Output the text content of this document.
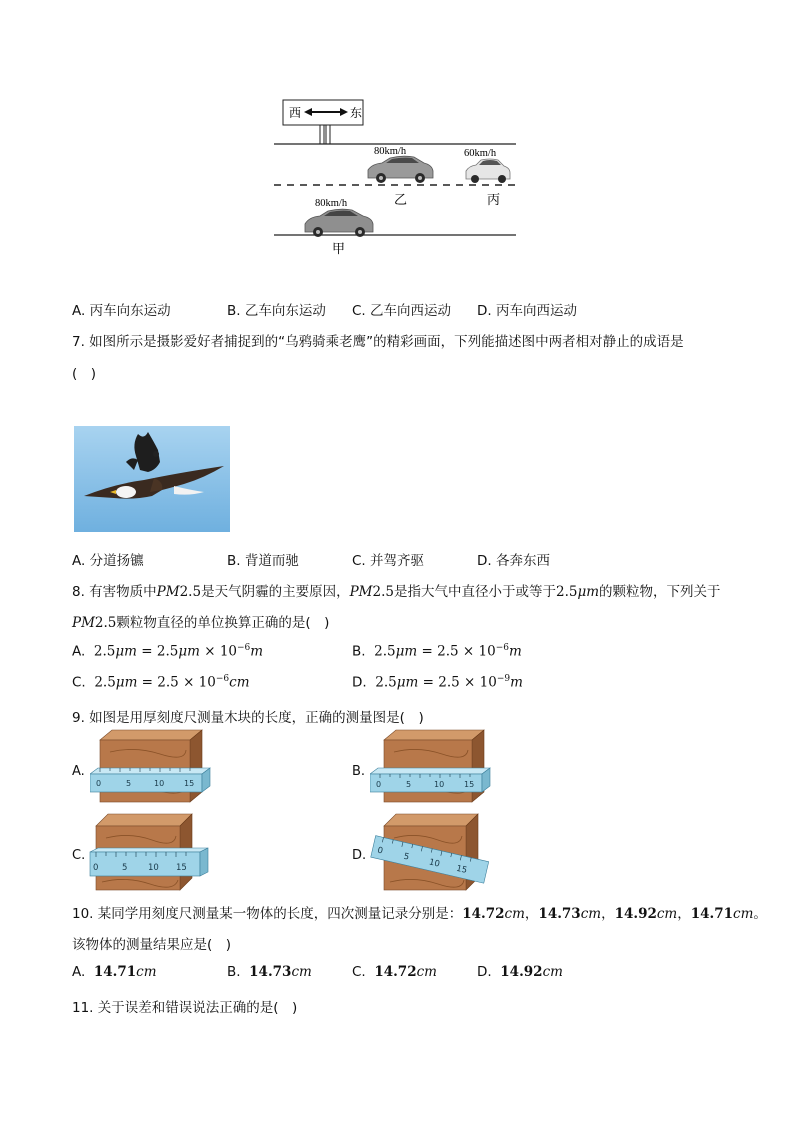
西	东
80km/h	60km/h
乙	丙
80km/h
甲
A. 丙车向东运动	B. 乙车向东运动 C. 乙车向西运动 D. 丙车向西运动
7. 如图所示是摄影爱好者捕捉到的“乌鸦骑乘老鹰”的精彩画面，下列能描述图中两者相对静止的成语是
(　)
A. 分道扬镳	B. 背道而驰	C. 并驾齐驱	D. 各奔东西
8. 有害物质中PM2.5是天气阴霾的主要原因，PM2.5是指大气中直径小于或等于2.5μm的颗粒物，下列关于
PM2.5颗粒物直径的单位换算正确的是(　)
A. $2.5\mu m = 2.5\mu m \times 10^{-6}m$	B. $2.5\mu m = 2.5 \times 10^{-6}m$
C. $2.5\mu m = 2.5 \times 10^{-6}cm$	D. $2.5\mu m = 2.5 \times 10^{-9}m$
9. 如图是用厚刻度尺测量木块的长度，正确的测量图是(　)
A.
0	5	10 15
B.
0	5	10 15
C.
0	5 10 15
D. 0
5
10
15
10. 某同学用刻度尺测量某一物体的长度，四次测量记录分别是：14.72cm，14.73cm，14.92cm，14.71cm。
该物体的测量结果应是(　)
A. 14.71cm	B. 14.73cm	C. 14.72cm	D. 14.92cm
11. 关于误差和错误说法正确的是(　)
